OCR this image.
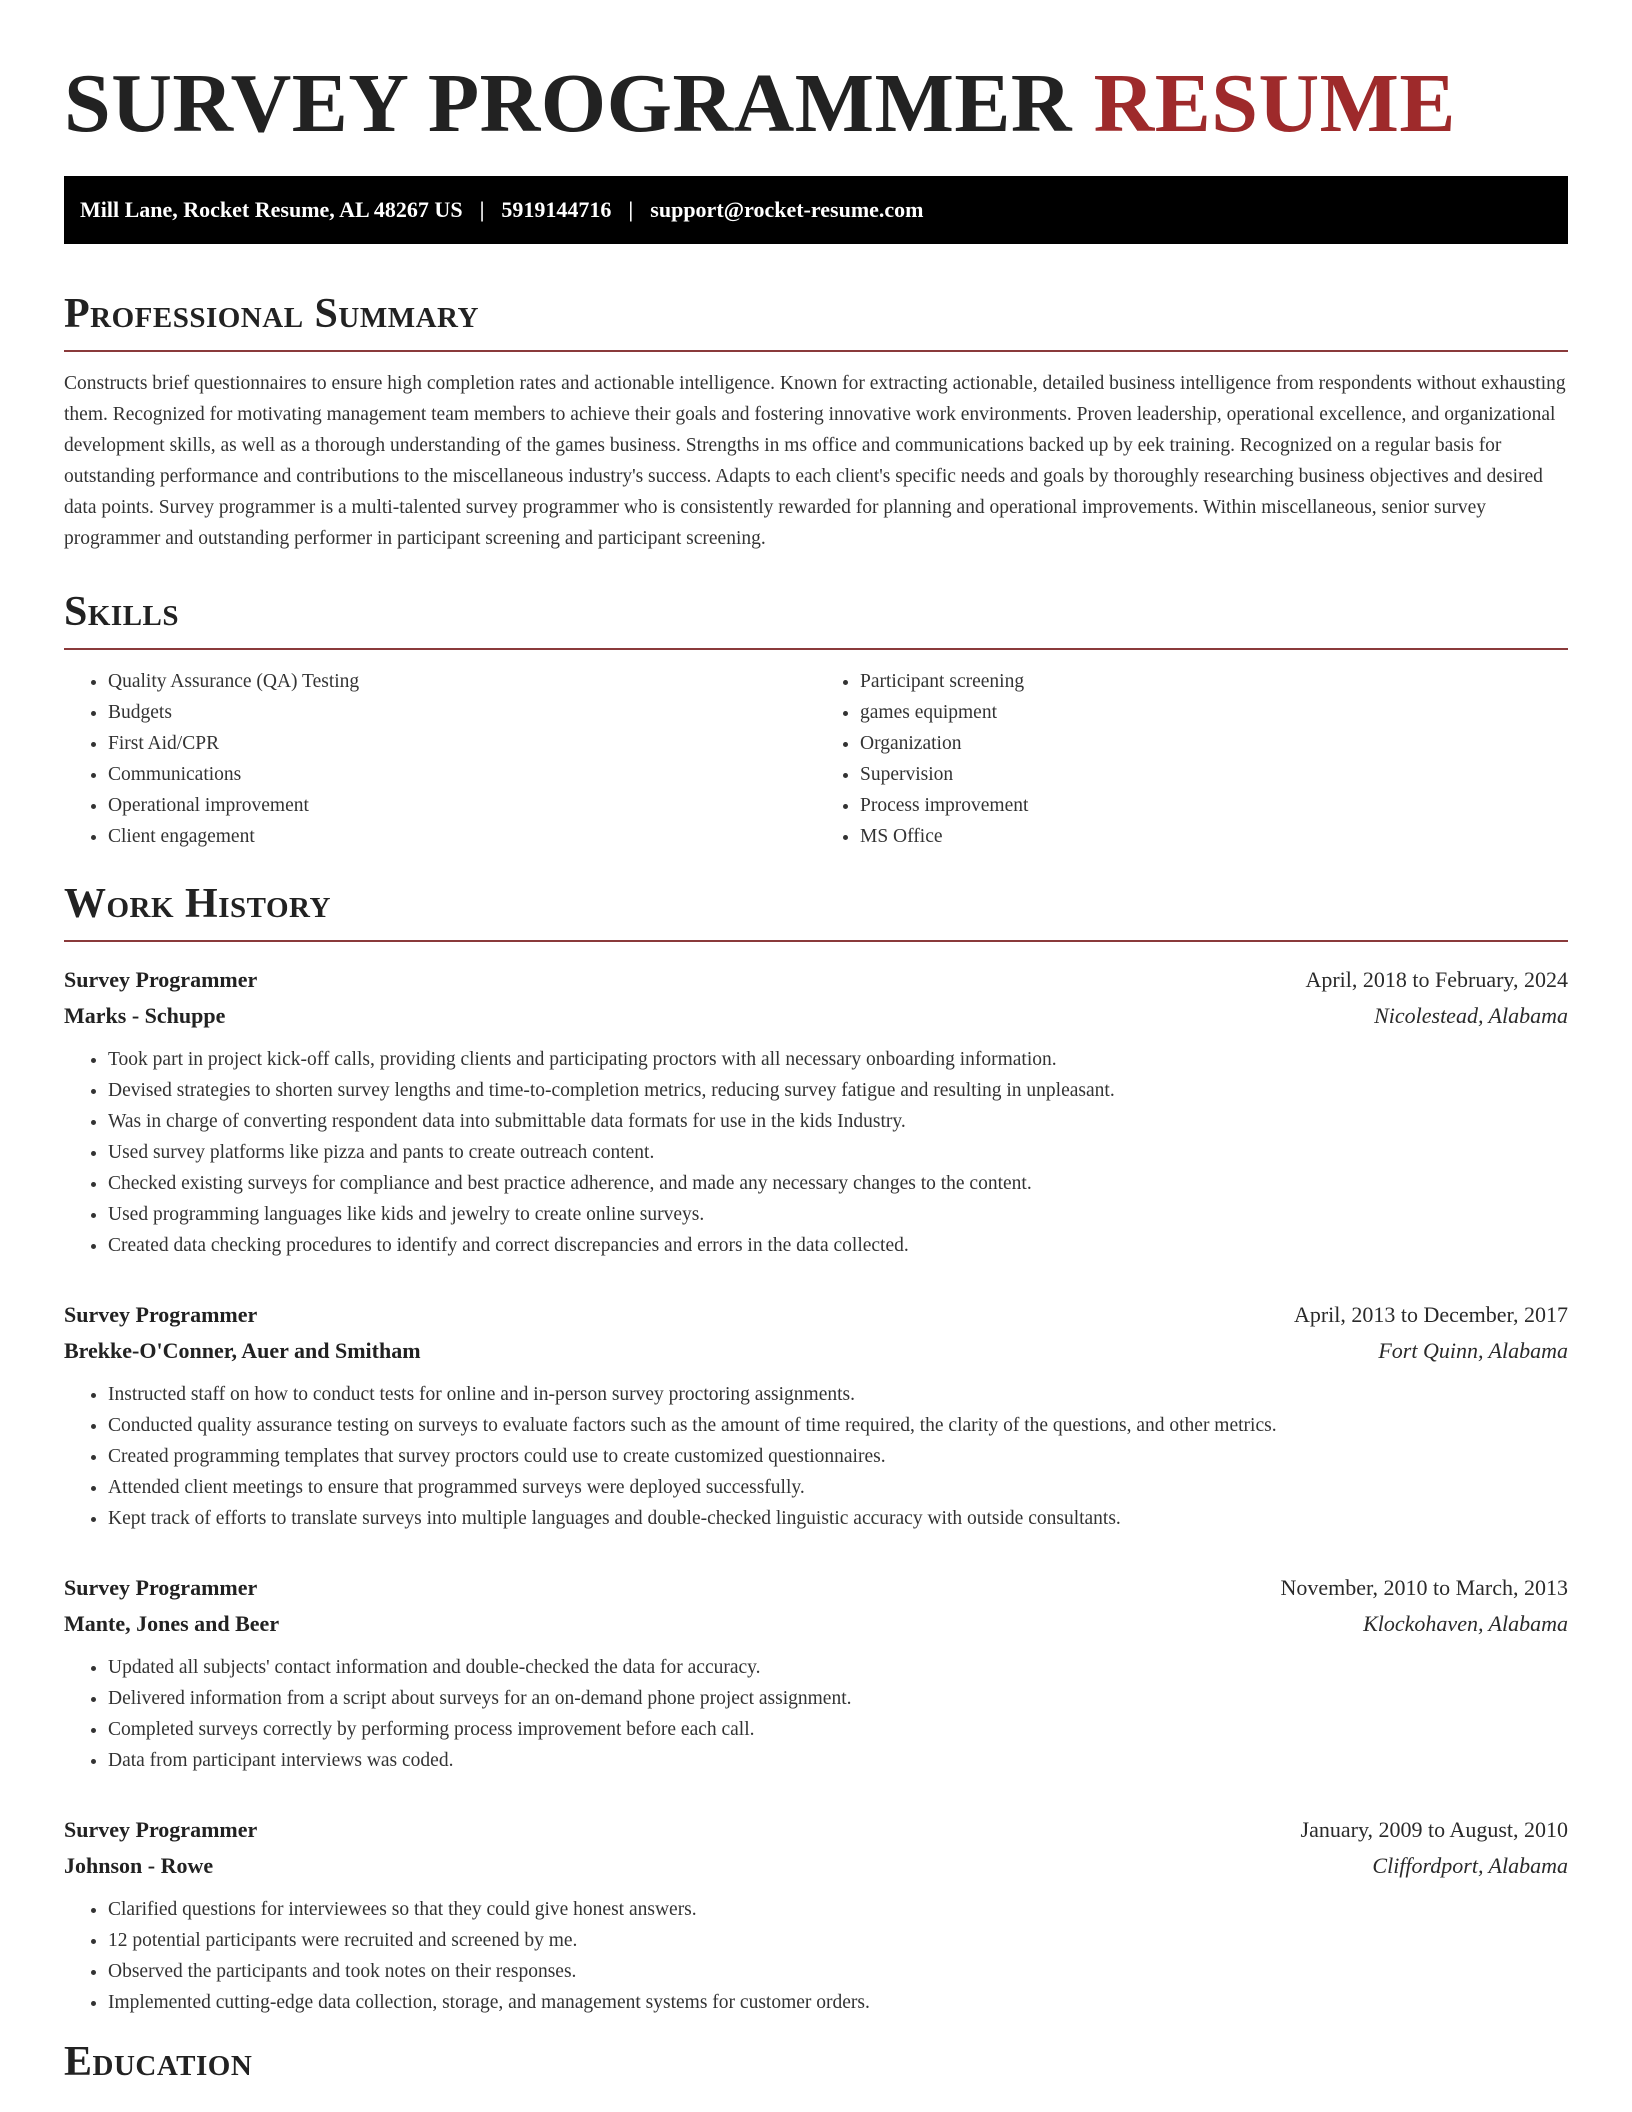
SURVEY PROGRAMMER RESUME
Mill Lane, Rocket Resume, AL 48267 US | 5919144716 | support@rocket-resume.com
Professional Summary

Constructs brief questionnaires to ensure high completion rates and actionable intelligence. Known for extracting actionable, detailed business intelligence from respondents without exhausting them. Recognized for motivating management team members to achieve their goals and fostering innovative work environments. Proven leadership, operational excellence, and organizational development skills, as well as a thorough understanding of the games business. Strengths in ms office and communications backed up by eek training. Recognized on a regular basis for outstanding performance and contributions to the miscellaneous industry's success. Adapts to each client's specific needs and goals by thoroughly researching business objectives and desired data points. Survey programmer is a multi-talented survey programmer who is consistently rewarded for planning and operational improvements. Within miscellaneous, senior survey programmer and outstanding performer in participant screening and participant screening.

Skills
• Quality Assurance (QA) Testing
• Budgets
• First Aid/CPR
• Communications
• Operational improvement
• Client engagement
• Participant screening
• games equipment
• Organization
• Supervision
• Process improvement
• MS Office
Work History
Survey Programmer	April, 2018 to February, 2024
Marks - Schuppe	Nicolestead, Alabama
• Took part in project kick-off calls, providing clients and participating proctors with all necessary onboarding information.
• Devised strategies to shorten survey lengths and time-to-completion metrics, reducing survey fatigue and resulting in unpleasant.
• Was in charge of converting respondent data into submittable data formats for use in the kids Industry.
• Used survey platforms like pizza and pants to create outreach content.
• Checked existing surveys for compliance and best practice adherence, and made any necessary changes to the content.
• Used programming languages like kids and jewelry to create online surveys.
• Created data checking procedures to identify and correct discrepancies and errors in the data collected.
Survey Programmer	April, 2013 to December, 2017
Brekke-O'Conner, Auer and Smitham	Fort Quinn, Alabama
• Instructed staff on how to conduct tests for online and in-person survey proctoring assignments.
• Conducted quality assurance testing on surveys to evaluate factors such as the amount of time required, the clarity of the questions, and other metrics.
• Created programming templates that survey proctors could use to create customized questionnaires.
• Attended client meetings to ensure that programmed surveys were deployed successfully.
• Kept track of efforts to translate surveys into multiple languages and double-checked linguistic accuracy with outside consultants.
Survey Programmer	November, 2010 to March, 2013
Mante, Jones and Beer	Klockohaven, Alabama
• Updated all subjects' contact information and double-checked the data for accuracy.
• Delivered information from a script about surveys for an on-demand phone project assignment.
• Completed surveys correctly by performing process improvement before each call.
• Data from participant interviews was coded.
Survey Programmer	January, 2009 to August, 2010
Johnson - Rowe	Cliffordport, Alabama
• Clarified questions for interviewees so that they could give honest answers.
• 12 potential participants were recruited and screened by me.
• Observed the participants and took notes on their responses.
• Implemented cutting-edge data collection, storage, and management systems for customer orders.
Education
